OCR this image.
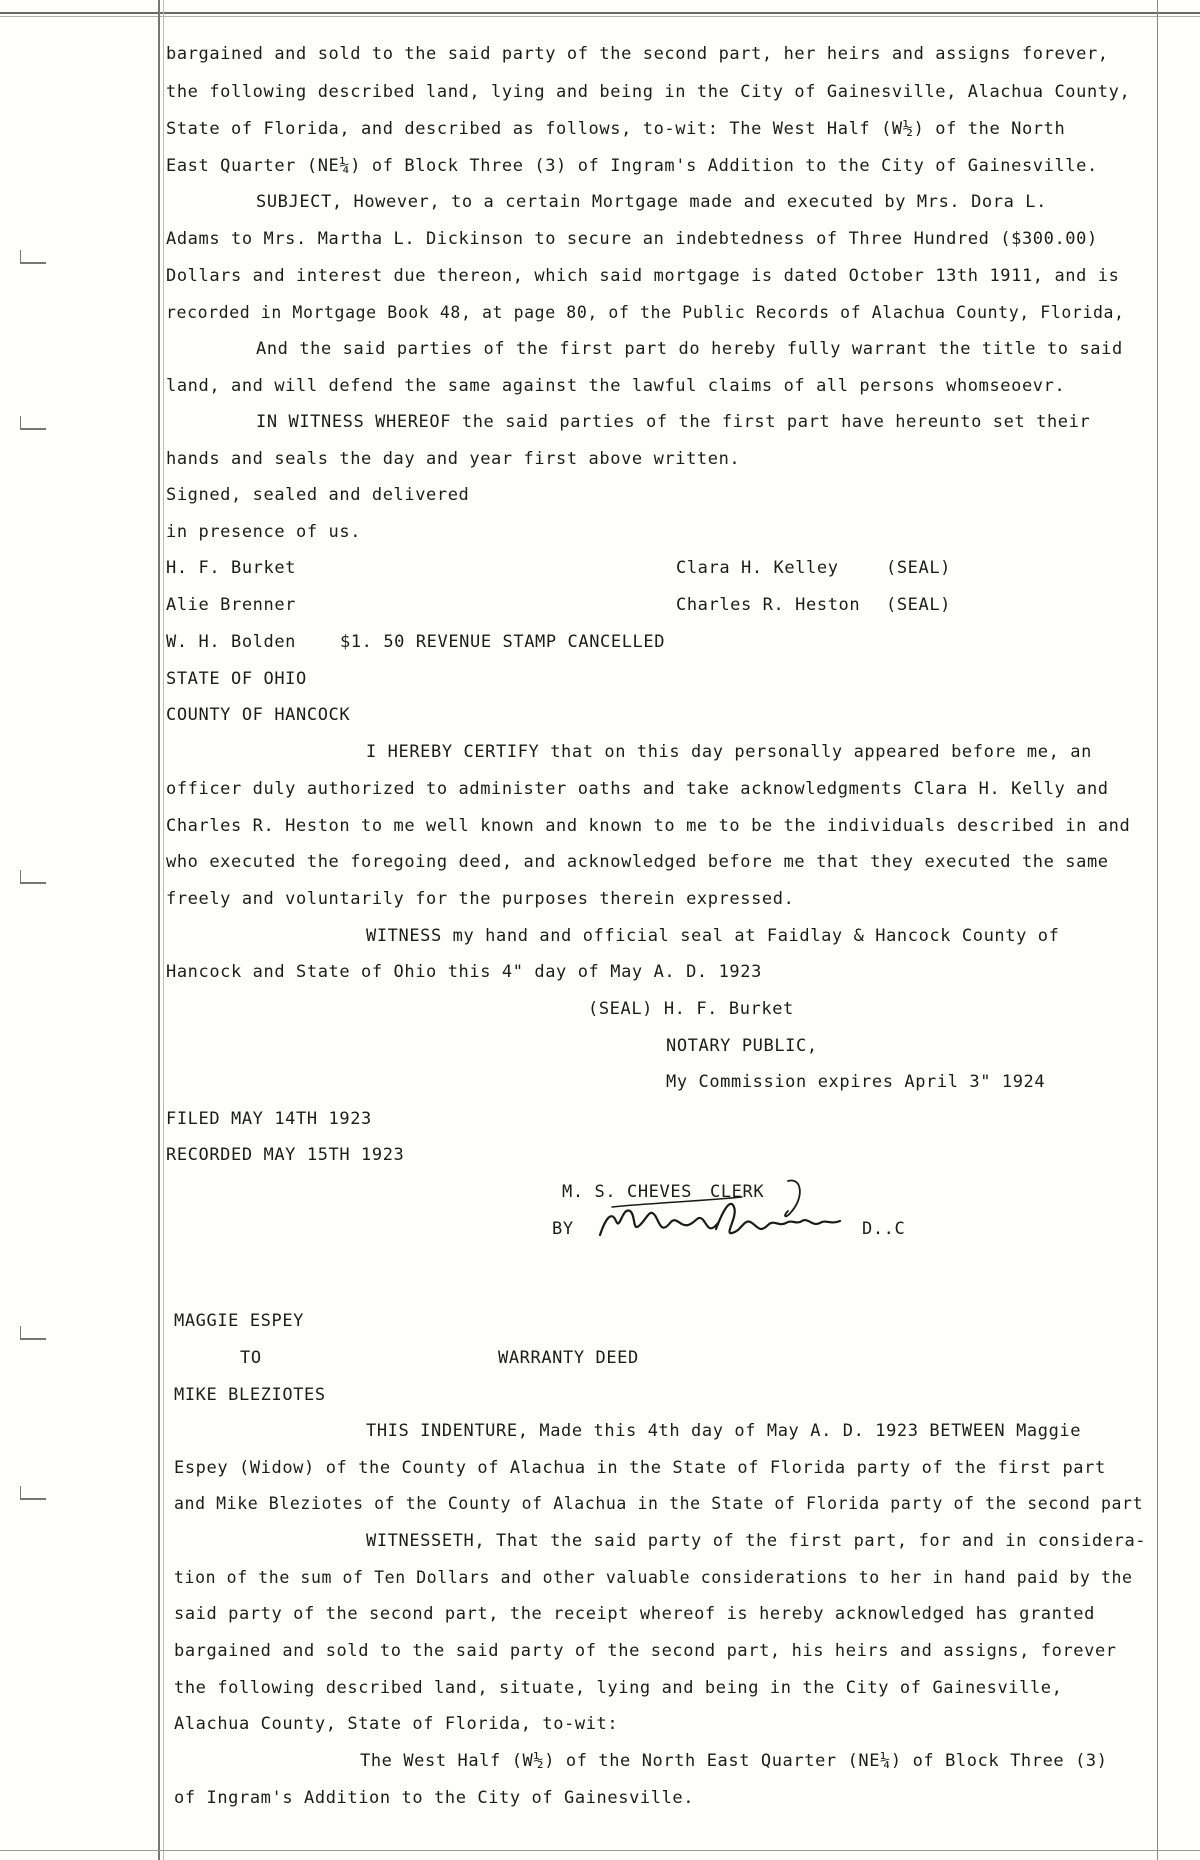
bargained and sold to the said party of the second part, her heirs and assigns forever,
the following described land, lying and being in the City of Gainesville, Alachua County,
State of Florida, and described as follows, to-wit: The West Half (W½) of the North
East Quarter (NE¼) of Block Three (3) of Ingram's Addition to the City of Gainesville.
SUBJECT, However, to a certain Mortgage made and executed by Mrs. Dora L.
Adams to Mrs. Martha L. Dickinson to secure an indebtedness of Three Hundred ($300.00)
Dollars and interest due thereon, which said mortgage is dated October 13th 1911, and is
recorded in Mortgage Book 48, at page 80, of the Public Records of Alachua County, Florida,
And the said parties of the first part do hereby fully warrant the title to said
land, and will defend the same against the lawful claims of all persons whomseoevr.
IN WITNESS WHEREOF the said parties of the first part have hereunto set their
hands and seals the day and year first above written.
Signed, sealed and delivered
in presence of us.
H. F. Burket	Clara H. Kelley	(SEAL)
Alie Brenner	Charles R. Heston (SEAL)
W. H. Bolden	$1. 50 REVENUE STAMP CANCELLED
STATE OF OHIO
COUNTY OF HANCOCK
I HEREBY CERTIFY that on this day personally appeared before me, an
officer duly authorized to administer oaths and take acknowledgments Clara H. Kelly and
Charles R. Heston to me well known and known to me to be the individuals described in and
who executed the foregoing deed, and acknowledged before me that they executed the same
freely and voluntarily for the purposes therein expressed.
WITNESS my hand and official seal at Faidlay & Hancock County of
Hancock and State of Ohio this 4" day of May A. D. 1923
(SEAL) H. F. Burket
NOTARY PUBLIC,
My Commission expires April 3" 1924
FILED MAY 14TH 1923
RECORDED MAY 15TH 1923
M. S. CHEVES CLERK
BY	D..C
MAGGIE ESPEY
TO	WARRANTY DEED
MIKE BLEZIOTES
THIS INDENTURE, Made this 4th day of May A. D. 1923 BETWEEN Maggie
Espey (Widow) of the County of Alachua in the State of Florida party of the first part
and Mike Bleziotes of the County of Alachua in the State of Florida party of the second part
WITNESSETH, That the said party of the first part, for and in considera-
tion of the sum of Ten Dollars and other valuable considerations to her in hand paid by the
said party of the second part, the receipt whereof is hereby acknowledged has granted
bargained and sold to the said party of the second part, his heirs and assigns, forever
the following described land, situate, lying and being in the City of Gainesville,
Alachua County, State of Florida, to-wit:
The West Half (W½) of the North East Quarter (NE¼) of Block Three (3)
of Ingram's Addition to the City of Gainesville.
